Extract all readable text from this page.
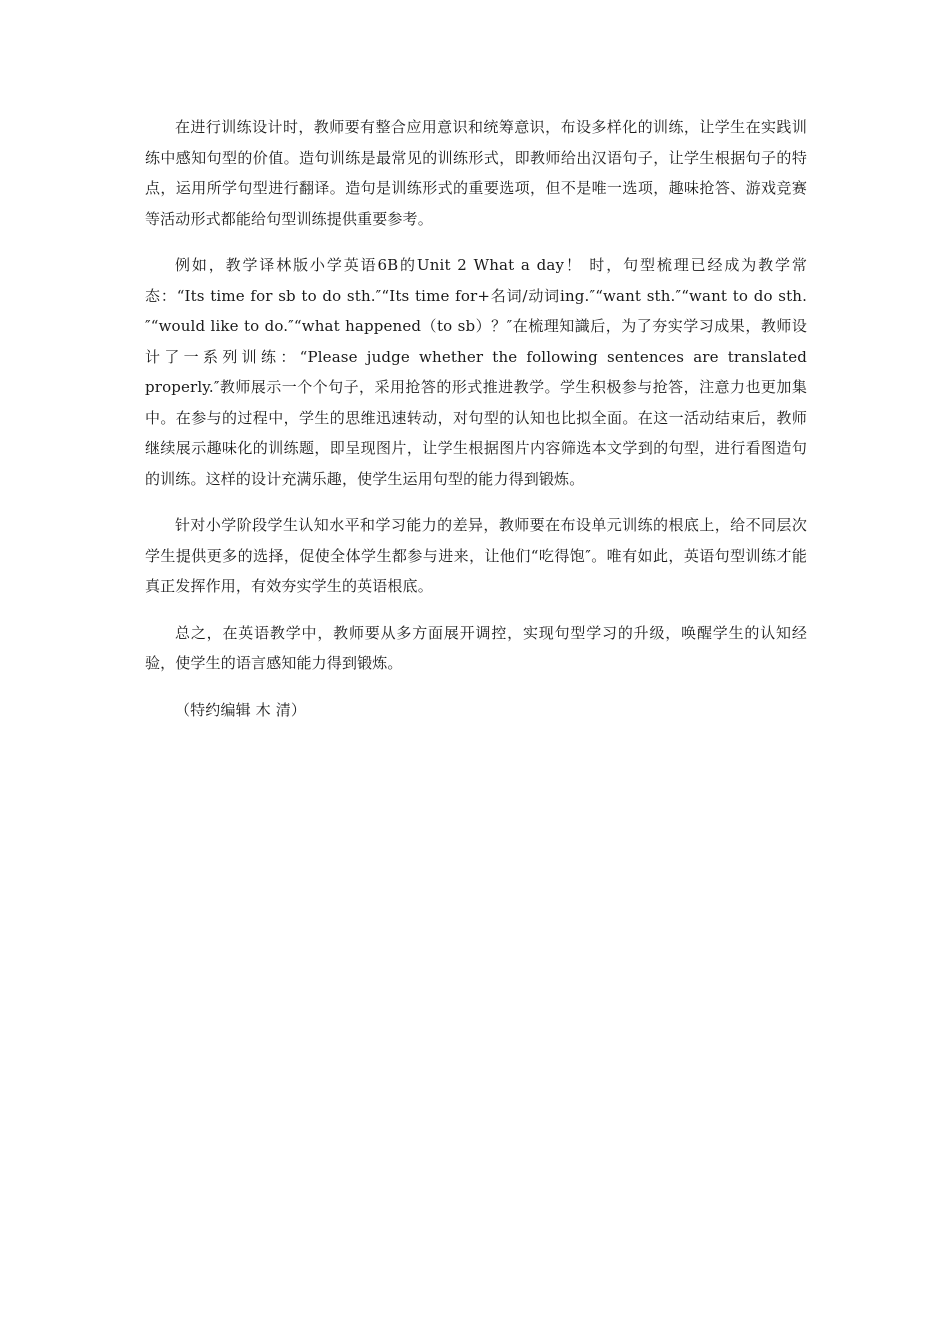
在进行训练设计时，教师要有整合应用意识和统筹意识，布设多样化的训练，让学生在实践训练中感知句型的价值。造句训练是最常见的训练形式，即教师给出汉语句子，让学生根据句子的特点，运用所学句型进行翻译。造句是训练形式的重要选项，但不是唯一选项，趣味抢答、游戏竞赛等活动形式都能给句型训练提供重要参考。

例如，教学译林版小学英语6B的Unit 2 What a day！ 时，句型梳理已经成为教学常态：“Its time for sb to do sth.″“Its time for+名词/动词ing.″“want sth.″“want to do sth.″“would like to do.″“what happened（to sb）？″在梳理知識后，为了夯实学习成果，教师设计了一系列训练：“Please judge whether the following sentences are translated properly.″教师展示一个个句子，采用抢答的形式推进教学。学生积极参与抢答，注意力也更加集中。在参与的过程中，学生的思维迅速转动，对句型的认知也比拟全面。在这一活动结束后，教师继续展示趣味化的训练题，即呈现图片，让学生根据图片内容筛选本文学到的句型，进行看图造句的训练。这样的设计充满乐趣，使学生运用句型的能力得到锻炼。

针对小学阶段学生认知水平和学习能力的差异，教师要在布设单元训练的根底上，给不同层次学生提供更多的选择，促使全体学生都参与进来，让他们“吃得饱″。唯有如此，英语句型训练才能真正发挥作用，有效夯实学生的英语根底。

总之，在英语教学中，教师要从多方面展开调控，实现句型学习的升级，唤醒学生的认知经验，使学生的语言感知能力得到锻炼。

（特约编辑 木 清）
